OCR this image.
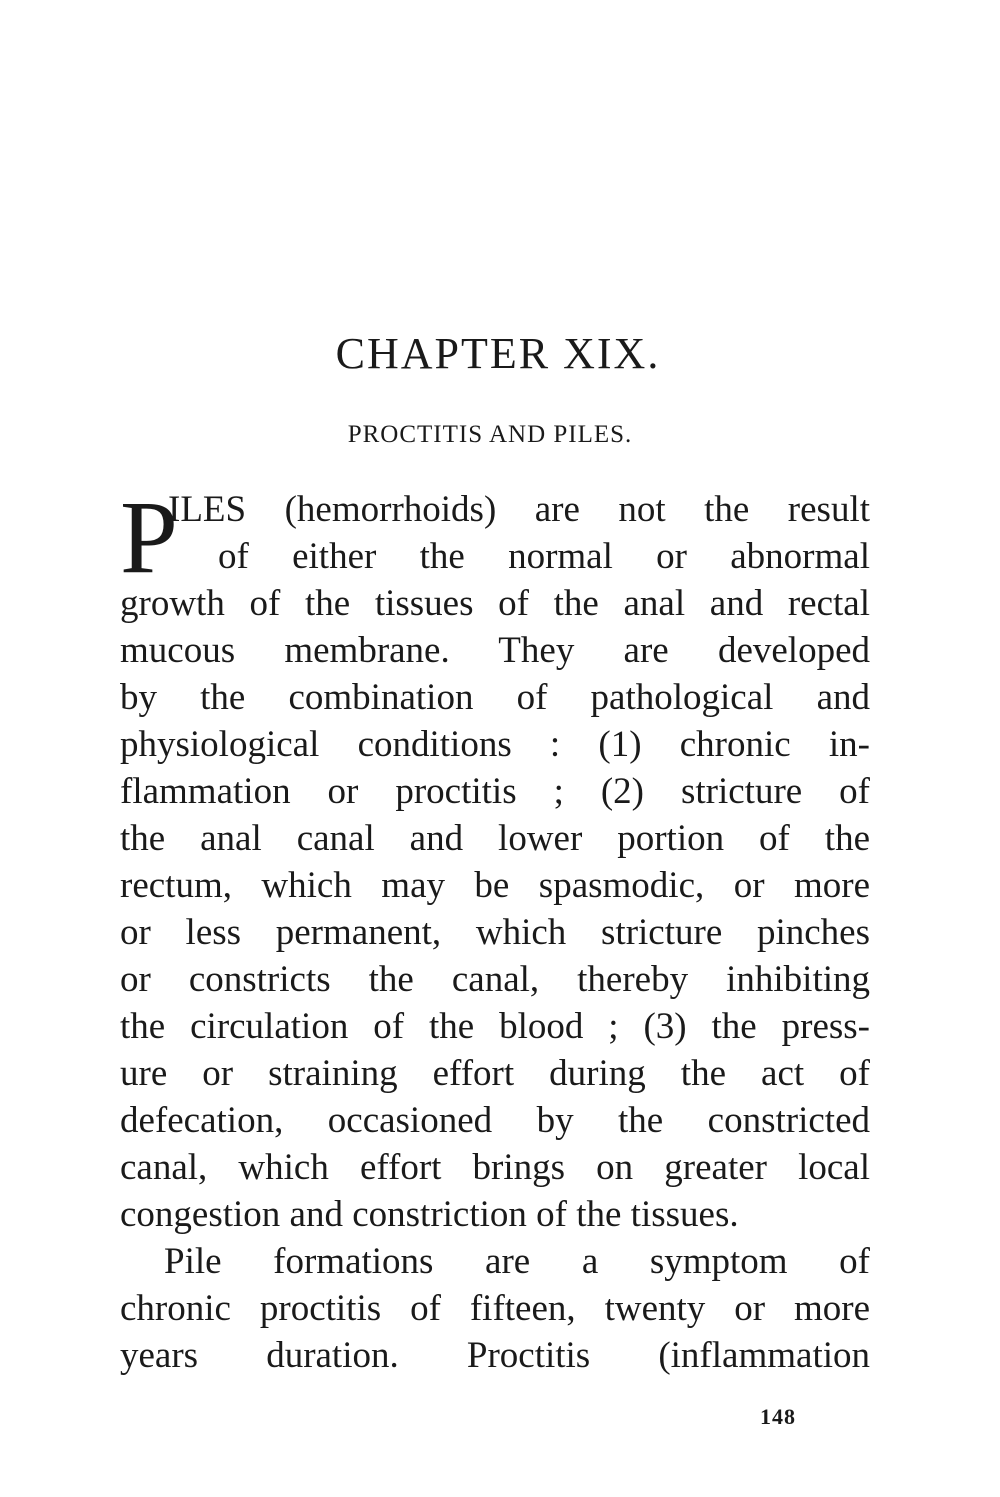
CHAPTER XIX.
PROCTITIS AND PILES.
P
ILES (hemorrhoids) are not the result
of either the normal or abnormal
growth of the tissues of the anal and rectal
mucous membrane. They are developed
by the combination of pathological and
physiological conditions : (1) chronic in-
flammation or proctitis ; (2) stricture of
the anal canal and lower portion of the
rectum, which may be spasmodic, or more
or less permanent, which stricture pinches
or constricts the canal, thereby inhibiting
the circulation of the blood ; (3) the press-
ure or straining effort during the act of
defecation, occasioned by the constricted
canal, which effort brings on greater local
congestion and constriction of the tissues.
Pile formations are a symptom of
chronic proctitis of fifteen, twenty or more
years duration. Proctitis (inflammation
148
